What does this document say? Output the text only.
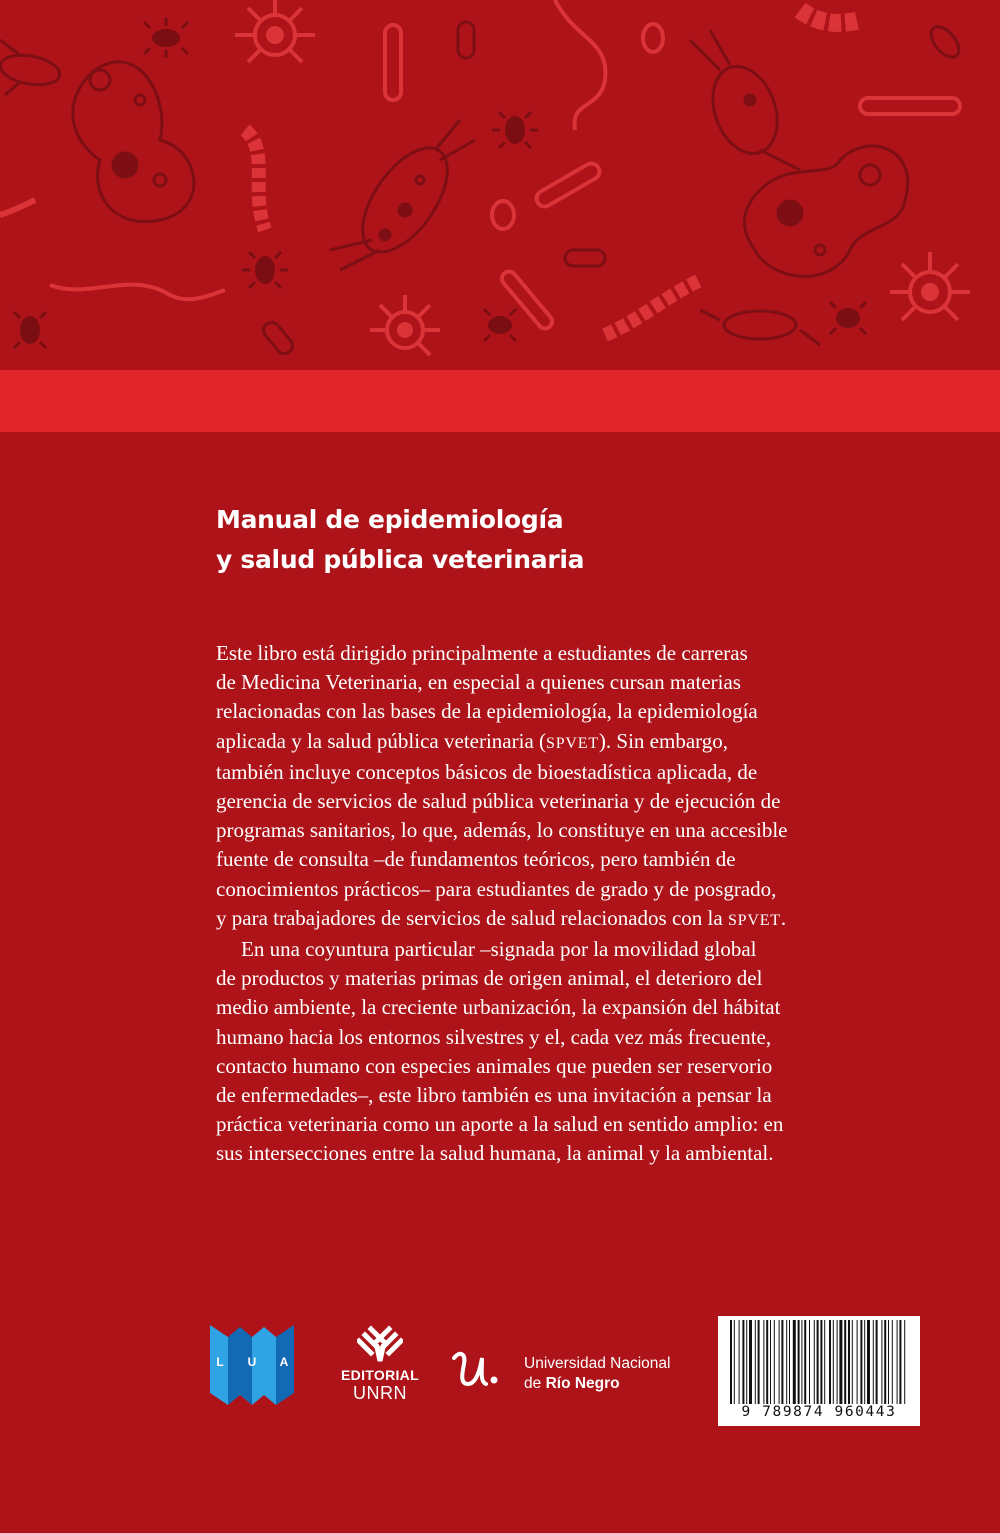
Manual de epidemiología
y salud pública veterinaria
Este libro está dirigido principalmente a estudiantes de carreras
de Medicina Veterinaria, en especial a quienes cursan materias
relacionadas con las bases de la epidemiología, la epidemiología
aplicada y la salud pública veterinaria (SPVET). Sin embargo,
también incluye conceptos básicos de bioestadística aplicada, de
gerencia de servicios de salud pública veterinaria y de ejecución de
programas sanitarios, lo que, además, lo constituye en una accesible
fuente de consulta –de fundamentos teóricos, pero también de
conocimientos prácticos– para estudiantes de grado y de posgrado,
y para trabajadores de servicios de salud relacionados con la SPVET.
En una coyuntura particular –signada por la movilidad global
de productos y materias primas de origen animal, el deterioro del
medio ambiente, la creciente urbanización, la expansión del hábitat
humano hacia los entornos silvestres y el, cada vez más frecuente,
contacto humano con especies animales que pueden ser reservorio
de enfermedades–, este libro también es una invitación a pensar la
práctica veterinaria como un aporte a la salud en sentido amplio: en
sus intersecciones entre la salud humana, la animal y la ambiental.
L U A
EDITORIAL
UNRN
Universidad Nacional
de Río Negro
9 789874 960443
